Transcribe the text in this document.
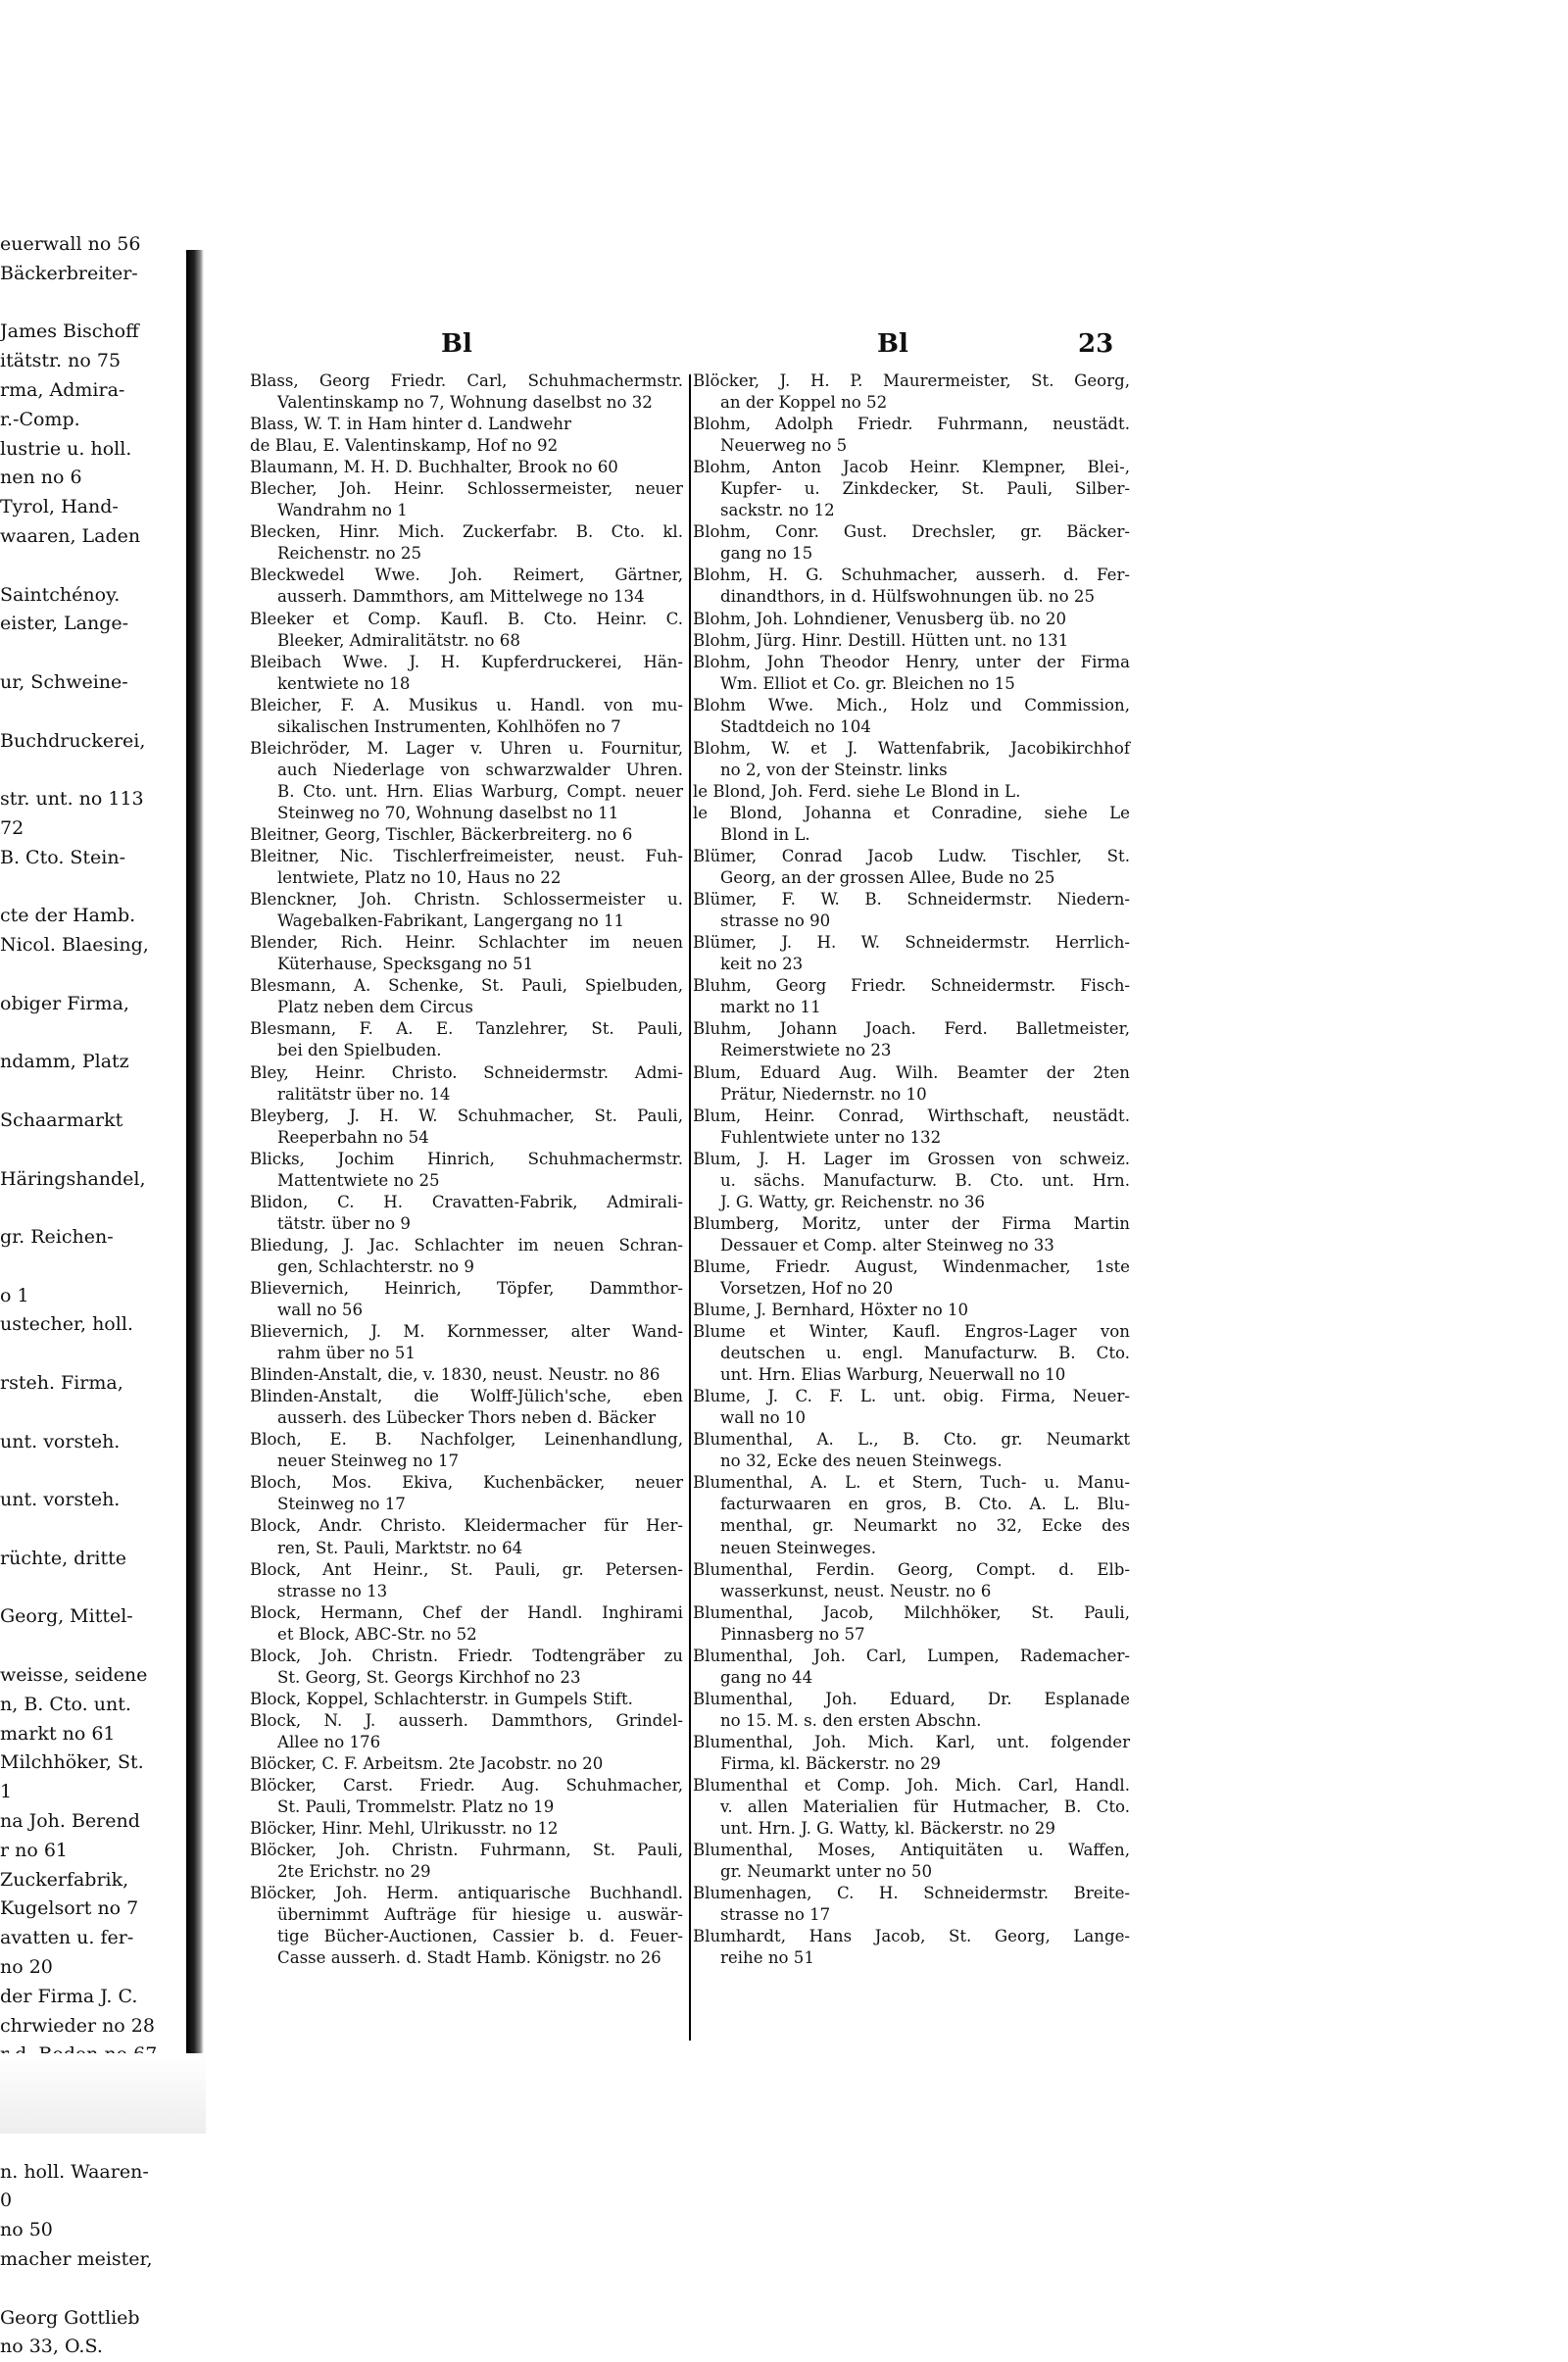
euerwall no 56
Bäckerbreiter-

James Bischoff
itätstr. no 75
rma, Admira-
r.-Comp.
lustrie u. holl.
nen no 6
Tyrol, Hand-
waaren, Laden

Saintchénoy.
eister, Lange-

ur, Schweine-

Buchdruckerei,

str. unt. no 113
72
B. Cto. Stein-

cte der Hamb.
Nicol. Blaesing,

obiger Firma,

ndamm, Platz

Schaarmarkt

Häringshandel,

gr. Reichen-

o 1
ustecher, holl.

rsteh. Firma,

unt. vorsteh.

unt. vorsteh.

rüchte, dritte

Georg, Mittel-

weisse, seidene
n, B. Cto. unt.
markt no 61
Milchhöker, St.
1
na Joh. Berend
r no 61
Zuckerfabrik,
Kugelsort no 7
avatten u. fer-
no 20
der Firma J. C.
chrwieder no 28

n. holl. Waaren-
0
no 50
macher meister,

Georg Gottlieb
no 33, O.S.
Bl	Bl	23
Blass, Georg Friedr. Carl, Schuhmachermstr.
Valentinskamp no 7, Wohnung daselbst no 32
Blass, W. T. in Ham hinter d. Landwehr
de Blau, E. Valentinskamp, Hof no 92
Blaumann, M. H. D. Buchhalter, Brook no 60
Blecher, Joh. Heinr. Schlossermeister, neuer
Wandrahm no 1
Blecken, Hinr. Mich. Zuckerfabr. B. Cto. kl.
Reichenstr. no 25
Bleckwedel Wwe. Joh. Reimert, Gärtner,
ausserh. Dammthors, am Mittelwege no 134
Bleeker et Comp. Kaufl. B. Cto. Heinr. C.
Bleeker, Admiralitätstr. no 68
Bleibach Wwe. J. H. Kupferdruckerei, Hän-
kentwiete no 18
Bleicher, F. A. Musikus u. Handl. von mu-
sikalischen Instrumenten, Kohlhöfen no 7
Bleichröder, M. Lager v. Uhren u. Fournitur,
auch Niederlage von schwarzwalder Uhren.
B. Cto. unt. Hrn. Elias Warburg, Compt. neuer
Steinweg no 70, Wohnung daselbst no 11
Bleitner, Georg, Tischler, Bäckerbreiterg. no 6
Bleitner, Nic. Tischlerfreimeister, neust. Fuh-
lentwiete, Platz no 10, Haus no 22
Blenckner, Joh. Christn. Schlossermeister u.
Wagebalken-Fabrikant, Langergang no 11
Blender, Rich. Heinr. Schlachter im neuen
Küterhause, Specksgang no 51
Blesmann, A. Schenke, St. Pauli, Spielbuden,
Platz neben dem Circus
Blesmann, F. A. E. Tanzlehrer, St. Pauli,
bei den Spielbuden.
Bley, Heinr. Christo. Schneidermstr. Admi-
ralitätstr über no. 14
Bleyberg, J. H. W. Schuhmacher, St. Pauli,
Reeperbahn no 54
Blicks, Jochim Hinrich, Schuhmachermstr.
Mattentwiete no 25
Blidon, C. H. Cravatten-Fabrik, Admirali-
tätstr. über no 9
Bliedung, J. Jac. Schlachter im neuen Schran-
gen, Schlachterstr. no 9
Blievernich, Heinrich, Töpfer, Dammthor-
wall no 56
Blievernich, J. M. Kornmesser, alter Wand-
rahm über no 51
Blinden-Anstalt, die, v. 1830, neust. Neustr. no 86
Blinden-Anstalt, die Wolff-Jülich'sche, eben
ausserh. des Lübecker Thors neben d. Bäcker
Bloch, E. B. Nachfolger, Leinenhandlung,
neuer Steinweg no 17
Bloch, Mos. Ekiva, Kuchenbäcker, neuer
Steinweg no 17
Block, Andr. Christo. Kleidermacher für Her-
ren, St. Pauli, Marktstr. no 64
Block, Ant Heinr., St. Pauli, gr. Petersen-
strasse no 13
Block, Hermann, Chef der Handl. Inghirami
et Block, ABC-Str. no 52
Block, Joh. Christn. Friedr. Todtengräber zu
St. Georg, St. Georgs Kirchhof no 23
Block, Koppel, Schlachterstr. in Gumpels Stift.
Block, N. J. ausserh. Dammthors, Grindel-
Allee no 176
Blöcker, C. F. Arbeitsm. 2te Jacobstr. no 20
Blöcker, Carst. Friedr. Aug. Schuhmacher,
St. Pauli, Trommelstr. Platz no 19
Blöcker, Hinr. Mehl, Ulrikusstr. no 12
Blöcker, Joh. Christn. Fuhrmann, St. Pauli,
2te Erichstr. no 29
Blöcker, Joh. Herm. antiquarische Buchhandl.
übernimmt Aufträge für hiesige u. auswär-
tige Bücher-Auctionen, Cassier b. d. Feuer-
Casse ausserh. d. Stadt Hamb. Königstr. no 26
Blöcker, J. H. P. Maurermeister, St. Georg,
an der Koppel no 52
Blohm, Adolph Friedr. Fuhrmann, neustädt.
Neuerweg no 5
Blohm, Anton Jacob Heinr. Klempner, Blei-,
Kupfer- u. Zinkdecker, St. Pauli, Silber-
sackstr. no 12
Blohm, Conr. Gust. Drechsler, gr. Bäcker-
gang no 15
Blohm, H. G. Schuhmacher, ausserh. d. Fer-
dinandthors, in d. Hülfswohnungen üb. no 25
Blohm, Joh. Lohndiener, Venusberg üb. no 20
Blohm, Jürg. Hinr. Destill. Hütten unt. no 131
Blohm, John Theodor Henry, unter der Firma
Wm. Elliot et Co. gr. Bleichen no 15
Blohm Wwe. Mich., Holz und Commission,
Stadtdeich no 104
Blohm, W. et J. Wattenfabrik, Jacobikirchhof
no 2, von der Steinstr. links
le Blond, Joh. Ferd. siehe Le Blond in L.
le Blond, Johanna et Conradine, siehe Le
Blond in L.
Blümer, Conrad Jacob Ludw. Tischler, St.
Georg, an der grossen Allee, Bude no 25
Blümer, F. W. B. Schneidermstr. Niedern-
strasse no 90
Blümer, J. H. W. Schneidermstr. Herrlich-
keit no 23
Bluhm, Georg Friedr. Schneidermstr. Fisch-
markt no 11
Bluhm, Johann Joach. Ferd. Balletmeister,
Reimerstwiete no 23
Blum, Eduard Aug. Wilh. Beamter der 2ten
Prätur, Niedernstr. no 10
Blum, Heinr. Conrad, Wirthschaft, neustädt.
Fuhlentwiete unter no 132
Blum, J. H. Lager im Grossen von schweiz.
u. sächs. Manufacturw. B. Cto. unt. Hrn.
J. G. Watty, gr. Reichenstr. no 36
Blumberg, Moritz, unter der Firma Martin
Dessauer et Comp. alter Steinweg no 33
Blume, Friedr. August, Windenmacher, 1ste
Vorsetzen, Hof no 20
Blume, J. Bernhard, Höxter no 10
Blume et Winter, Kaufl. Engros-Lager von
deutschen u. engl. Manufacturw. B. Cto.
unt. Hrn. Elias Warburg, Neuerwall no 10
Blume, J. C. F. L. unt. obig. Firma, Neuer-
wall no 10
Blumenthal, A. L., B. Cto. gr. Neumarkt
no 32, Ecke des neuen Steinwegs.
Blumenthal, A. L. et Stern, Tuch- u. Manu-
facturwaaren en gros, B. Cto. A. L. Blu-
menthal, gr. Neumarkt no 32, Ecke des
neuen Steinweges.
Blumenthal, Ferdin. Georg, Compt. d. Elb-
wasserkunst, neust. Neustr. no 6
Blumenthal, Jacob, Milchhöker, St. Pauli,
Pinnasberg no 57
Blumenthal, Joh. Carl, Lumpen, Rademacher-
gang no 44
Blumenthal, Joh. Eduard, Dr. Esplanade
no 15. M. s. den ersten Abschn.
Blumenthal, Joh. Mich. Karl, unt. folgender
Firma, kl. Bäckerstr. no 29
Blumenthal et Comp. Joh. Mich. Carl, Handl.
v. allen Materialien für Hutmacher, B. Cto.
unt. Hrn. J. G. Watty, kl. Bäckerstr. no 29
Blumenthal, Moses, Antiquitäten u. Waffen,
gr. Neumarkt unter no 50
Blumenhagen, C. H. Schneidermstr. Breite-
strasse no 17
Blumhardt, Hans Jacob, St. Georg, Lange-
reihe no 51
